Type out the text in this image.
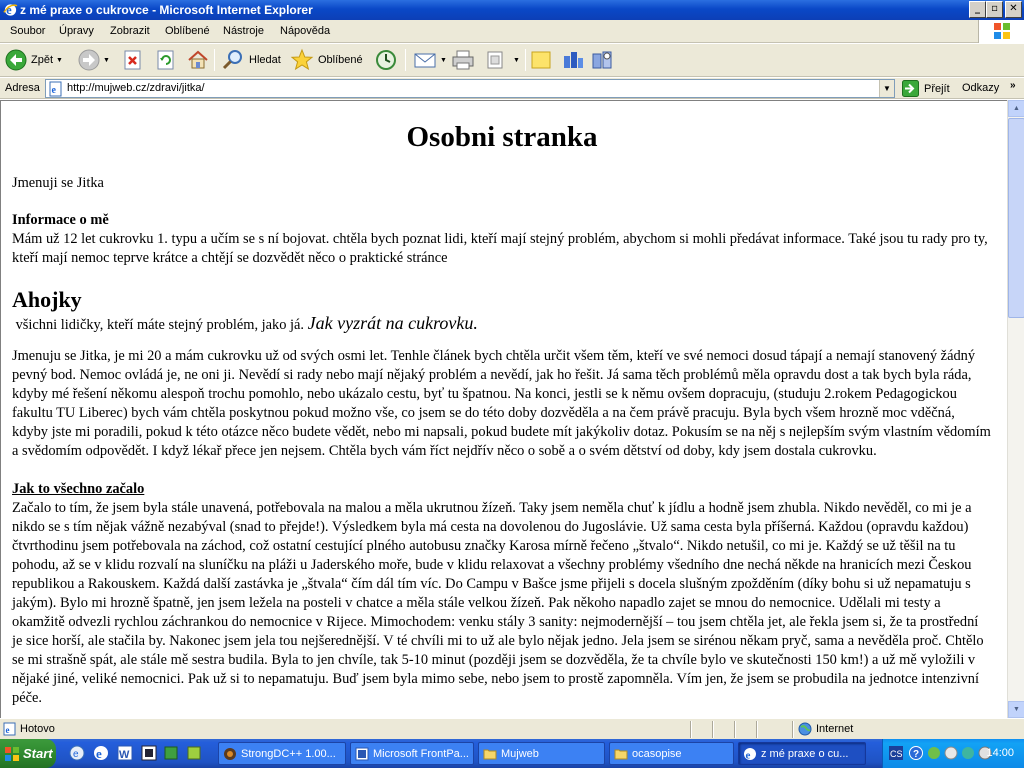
e z mé praxe o cukrovce - Microsoft Internet Explorer	_	▫	✕
Soubor Úpravy Zobrazit Oblíbené Nástroje Nápověda
Zpět ▼	▼	Hledat	Oblíbené	▼	▼
Adresa e
http://mujweb.cz/zdravi/jitka/	▼	Přejít Odkazy »
Osobni stranka

Jmenuji se Jitka

Informace o mě

Mám už 12 let cukrovku 1. typu a učím se s ní bojovat. chtěla bych poznat lidi, kteří mají stejný problém, abychom si mohli předávat informace. Také jsou tu rady pro ty, kteří mají nemoc teprve krátce a chtějí se dozvědět něco o praktické stránce

Ahojky

všichni lidičky, kteří máte stejný problém, jako já. Jak vyzrát na cukrovku.

Jmenuju se Jitka, je mi 20 a mám cukrovku už od svých osmi let. Tenhle článek bych chtěla určit všem těm, kteří ve své nemoci dosud tápají a nemají stanovený žádný pevný bod. Nemoc ovládá je, ne oni ji. Nevědí si rady nebo mají nějaký problém a nevědí, jak ho řešit. Já sama těch problémů měla opravdu dost a tak bych byla ráda, kdyby mé řešení někomu alespoň trochu pomohlo, nebo ukázalo cestu, byť tu špatnou. Na konci, jestli se k němu ovšem dopracuju, (studuju 2.rokem Pedagogickou fakultu TU Liberec) bych vám chtěla poskytnou pokud možno vše, co jsem se do této doby dozvěděla a na čem právě pracuju. Byla bych všem hrozně moc vděčná, kdyby jste mi poradili, pokud k této otázce něco budete vědět, nebo mi napsali, pokud budete mít jakýkoliv dotaz. Pokusím se na něj s nejlepším svým vlastním vědomím a svědomím odpovědět. I když lékař přece jen nejsem. Chtěla bych vám říct nejdřív něco o sobě a o svém dětství od doby, kdy jsem dostala cukrovku.

Jak to všechno začalo

Začalo to tím, že jsem byla stále unavená, potřebovala na malou a měla ukrutnou žízeň. Taky jsem neměla chuť k jídlu a hodně jsem zhubla. Nikdo nevěděl, co mi je a nikdo se s tím nějak vážně nezabýval (snad to přejde!). Výsledkem byla má cesta na dovolenou do Jugoslávie. Už sama cesta byla příšerná. Každou (opravdu každou) čtvrthodinu jsem potřebovala na záchod, což ostatní cestující plného autobusu značky Karosa mírně řečeno „štvalo“. Nikdo netušil, co mi je. Každý se už těšil na tu pohodu, až se v klidu rozvalí na sluníčku na pláži u Jaderského moře, bude v klidu relaxovat a všechny problémy všedního dne nechá někde na hranicích mezi Českou republikou a Rakouskem. Každá další zastávka je „štvala“ čím dál tím víc. Do Campu v Bašce jsme přijeli s docela slušným zpožděním (díky bohu si už nepamatuju s jakým). Bylo mi hrozně špatně, jen jsem ležela na posteli v chatce a měla stále velkou žízeň. Pak někoho napadlo zajet se mnou do nemocnice. Udělali mi testy a okamžitě odvezli rychlou záchrankou do nemocnice v Rijece. Mimochodem: venku stály 3 sanity: nejmodernější – tou jsem chtěla jet, ale řekla jsem si, že ta prostřední je sice horší, ale stačila by. Nakonec jsem jela tou nejšerednější. V té chvíli mi to už ale bylo nějak jedno. Jela jsem se sirénou někam pryč, sama a nevěděla proč. Chtělo se mi strašně spát, ale stále mě sestra budila. Byla to jen chvíle, tak 5-10 minut (později jsem se dozvěděla, že ta chvíle bylo ve skutečnosti 150 km!) a už mě vyložili v nějaké jiné, veliké nemocnici. Pak už si to nepamatuju. Buď jsem byla mimo sebe, nebo jsem to prostě zapomněla. Vím jen, že jsem se probudila na jednotce intenzivní péče.

▲
▼
e Hotovo	Internet
Start e e W	StrongDC++ 1.00...	Microsoft FrontPa...	Mujweb	ocasopise	e z mé praxe o cu...	CS ?	14:00
